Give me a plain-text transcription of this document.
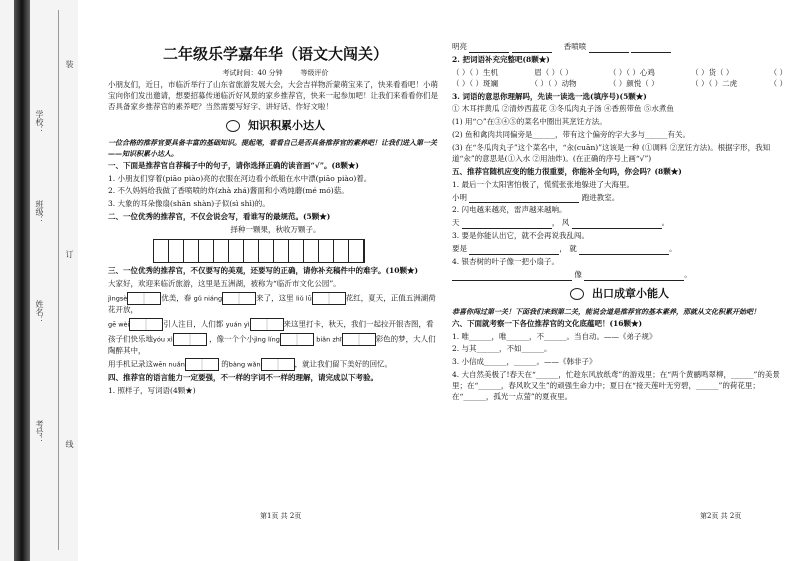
学校：
班级：
姓名：
考号：
装
订
线
二年级乐学嘉年华（语文大闯关）
考试时间：40 分钟	等级评价
小朋友们，近日，市临沂举行了山东省旅游发展大会，大会吉祥物沂蒙萌宝来了，快来看看吧！小萌宝向你们发出邀请，想要招募传递临沂好风景的家乡推荐官，快来一起参加吧！让我们来看看你们是否具备家乡推荐官的素养吧？当然需要写好字、讲好话、作好文啦！
知识积累小达人
一位合格的推荐官要具备丰富的基础知识。提起笔，看看自己是否具备推荐官的素养吧！让我们进入第一关——知识积累小达人。
一、下面是推荐官自荐稿子中的句子，请你选择正确的读音画“√”。(8颗★)
1. 小朋友们穿着(piāo piào)亮的衣服在河边看小纸船在水中漂(piāo piào)着。
2. 不久妈妈给我做了香喷喷的炸(zhà zhá)酱面和小鸡炖蘑(mé mó)菇。
3. 大象的耳朵像扇(shān shàn)子似(sì shì)的。
二、一位优秀的推荐官，不仅会说会写，看谁写的最规范。(5颗★)
择种一颗果，秋收万颗子。
三、一位优秀的推荐官，不仅要写的美观，还要写的正确，请你补充稿件中的难字。(10颗★)
大家好，欢迎来临沂旅游，这里是五洲湖，被称为“临沂市文化公园”。
jìngsè	优美，春 gǔ niáng	来了，这里 liǔ lǜ	花红，夏天，正值五洲湖荷花开放，
gē wèi	引人注目，人们都 yuán yì	来这里打卡，秋天，我们一起拉开银杏图，看
孩子们快乐地yóu xì	，像一个个小jìng líng	biǎn zhī	彩色的梦，大人们陶醉其中，
用手机记录这wēn nuǎn	的bàng wǎn	，就让我们留下美好的回忆。
四、推荐官的语言能力一定要强，不一样的字词不一样的理解，请完成以下考验。
1. 照样子，写词语(4颗★)
第1页 共 2页
明亮	香喷喷
2. 把词语补充完整吧(8颗★)
（ ）（ ）生机	眉（ ）（ ）	（ ）（ ）心鸡	（ ）货（ ）	（ ）
（ ）（ ）斑斓	（ ）（ ）动物	（ ）颜悦（ ）	（ ）（ ）二虎	（ ）
3. 词语的意思你理解吗，先读一读选一选(填序号)(5颗★)
① 木耳拌黄瓜 ②清炒西蓝花 ③冬瓜肉丸子汤 ④香煎带鱼 ⑤水煮鱼
(1) 用“○”在③④⑤的菜名中圈出其烹饪方法。
(2) 鱼和禽肉共同偏旁是______，带有这个偏旁的字大多与______有关。
(3) 在“冬瓜肉丸子”这个菜名中，“汆(cuān)”这该是一种 (①调料 ②烹饪方法)。根据字形，我知道“汆”的意思是(①入水 ②用油炸)。(在正确的序号上画“√”)
五、推荐官随机应变的能力很重要，你能补全句吗，你会吗？(8颗★)
1. 最后一个太阳害怕极了，慌慌张张地躲进了大海里。
小明	跑进教室。
2. 闪电越来越亮，雷声越来越响。
天	， 风	。
3. 要是你能认出它，就不会再说我乱闯。
要是	， 就	。
4. 银杏树的叶子像一把小扇子。
像	。
出口成章小能人
恭喜你闯过第一关！下面我们来到第二关，能说会道是推荐官的基本素养，那就从文化积累开始吧！
六、下面就考察一下各位推荐官的文化底蕴吧！(16颗★)
1. 唯______，唯______，不______。当自动。——《弟子规》
2. 与其______，不如______。
3. 小信成______，______。——《韩非子》
4. 大自然美极了!春天在“______，忙趁东风放纸鸢”的游戏里；在“两个黄鹂鸣翠柳，______”的美景里；在“______，春风吹又生”的顽强生命力中；夏日在“接天莲叶无穷碧，______”的荷花里；在“______，孤光一点萤”的夏夜里。
第2页 共 2页
